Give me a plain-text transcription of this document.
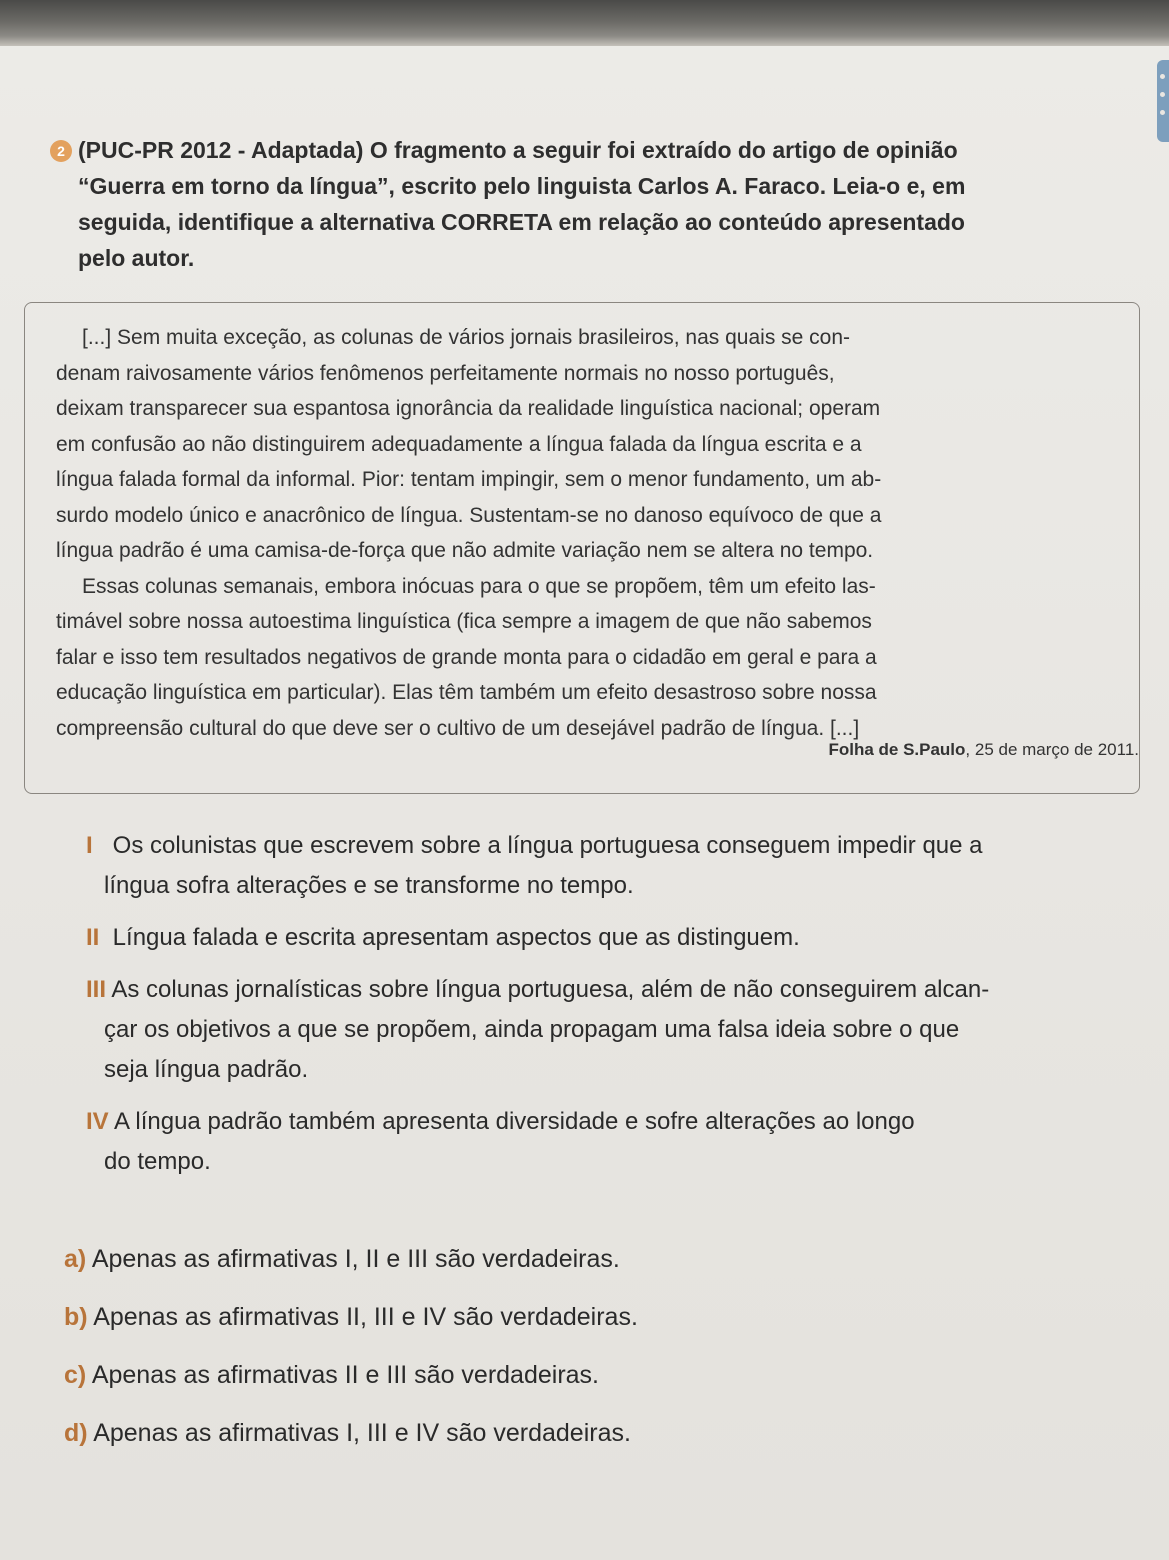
2 (PUC-PR 2012 - Adaptada) O fragmento a seguir foi extraído do artigo de opinião
“Guerra em torno da língua”, escrito pelo linguista Carlos A. Faraco. Leia-o e, em
seguida, identifique a alternativa CORRETA em relação ao conteúdo apresentado
pelo autor.
[...] Sem muita exceção, as colunas de vários jornais brasileiros, nas quais se con-
denam raivosamente vários fenômenos perfeitamente normais no nosso português,
deixam transparecer sua espantosa ignorância da realidade linguística nacional; operam
em confusão ao não distinguirem adequadamente a língua falada da língua escrita e a
língua falada formal da informal. Pior: tentam impingir, sem o menor fundamento, um ab-
surdo modelo único e anacrônico de língua. Sustentam-se no danoso equívoco de que a
língua padrão é uma camisa-de-força que não admite variação nem se altera no tempo.
Essas colunas semanais, embora inócuas para o que se propõem, têm um efeito las-
timável sobre nossa autoestima linguística (fica sempre a imagem de que não sabemos
falar e isso tem resultados negativos de grande monta para o cidadão em geral e para a
educação linguística em particular). Elas têm também um efeito desastroso sobre nossa
compreensão cultural do que deve ser o cultivo de um desejável padrão de língua. [...]
Folha de S.Paulo, 25 de março de 2011.
I Os colunistas que escrevem sobre a língua portuguesa conseguem impedir que a
língua sofra alterações e se transforme no tempo.
II Língua falada e escrita apresentam aspectos que as distinguem.
III As colunas jornalísticas sobre língua portuguesa, além de não conseguirem alcan-
çar os objetivos a que se propõem, ainda propagam uma falsa ideia sobre o que
seja língua padrão.
IV A língua padrão também apresenta diversidade e sofre alterações ao longo
do tempo.
a) Apenas as afirmativas I, II e III são verdadeiras.
b) Apenas as afirmativas II, III e IV são verdadeiras.
c) Apenas as afirmativas II e III são verdadeiras.
d) Apenas as afirmativas I, III e IV são verdadeiras.
